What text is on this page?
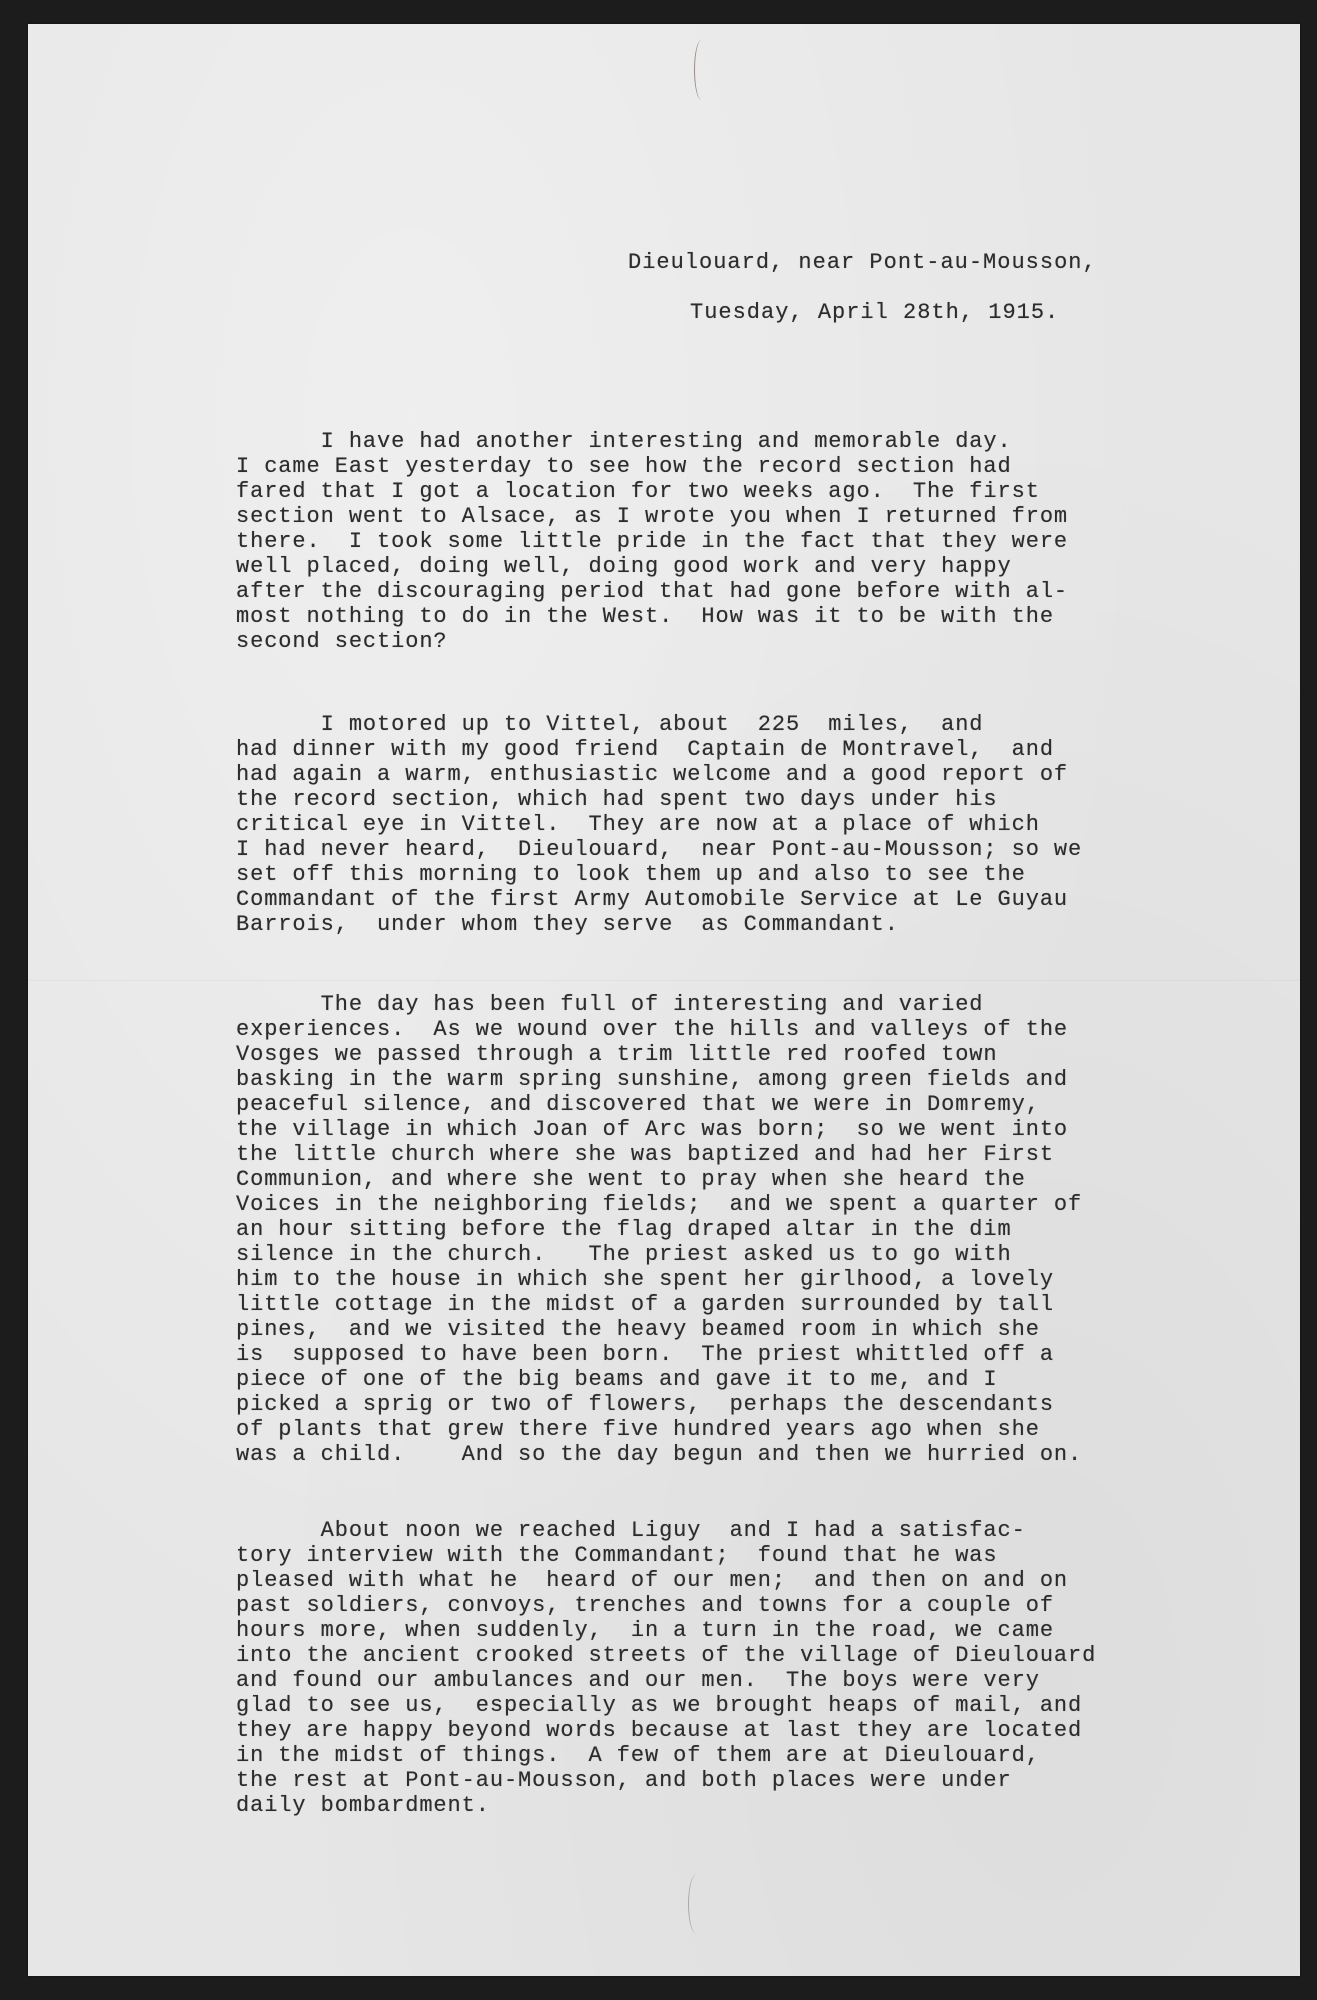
Dieulouard, near Pont-au-Mousson,
Tuesday, April 28th, 1915.
I have had another interesting and memorable day.
I came East yesterday to see how the record section had
fared that I got a location for two weeks ago.  The first
section went to Alsace, as I wrote you when I returned from
there.  I took some little pride in the fact that they were
well placed, doing well, doing good work and very happy
after the discouraging period that had gone before with al-
most nothing to do in the West.  How was it to be with the
second section?
I motored up to Vittel, about  225  miles,  and
had dinner with my good friend  Captain de Montravel,  and
had again a warm, enthusiastic welcome and a good report of
the record section, which had spent two days under his
critical eye in Vittel.  They are now at a place of which
I had never heard,  Dieulouard,  near Pont-au-Mousson; so we
set off this morning to look them up and also to see the
Commandant of the first Army Automobile Service at Le Guyau
Barrois,  under whom they serve  as Commandant.
The day has been full of interesting and varied
experiences.  As we wound over the hills and valleys of the
Vosges we passed through a trim little red roofed town
basking in the warm spring sunshine, among green fields and
peaceful silence, and discovered that we were in Domremy,
the village in which Joan of Arc was born;  so we went into
the little church where she was baptized and had her First
Communion, and where she went to pray when she heard the
Voices in the neighboring fields;  and we spent a quarter of
an hour sitting before the flag draped altar in the dim
silence in the church.   The priest asked us to go with
him to the house in which she spent her girlhood, a lovely
little cottage in the midst of a garden surrounded by tall
pines,  and we visited the heavy beamed room in which she
is  supposed to have been born.  The priest whittled off a
piece of one of the big beams and gave it to me, and I
picked a sprig or two of flowers,  perhaps the descendants
of plants that grew there five hundred years ago when she
was a child.    And so the day begun and then we hurried on.
About noon we reached Liguy  and I had a satisfac-
tory interview with the Commandant;  found that he was
pleased with what he  heard of our men;  and then on and on
past soldiers, convoys, trenches and towns for a couple of
hours more, when suddenly,  in a turn in the road, we came
into the ancient crooked streets of the village of Dieulouard
and found our ambulances and our men.  The boys were very
glad to see us,  especially as we brought heaps of mail, and
they are happy beyond words because at last they are located
in the midst of things.  A few of them are at Dieulouard,
the rest at Pont-au-Mousson, and both places were under
daily bombardment.
